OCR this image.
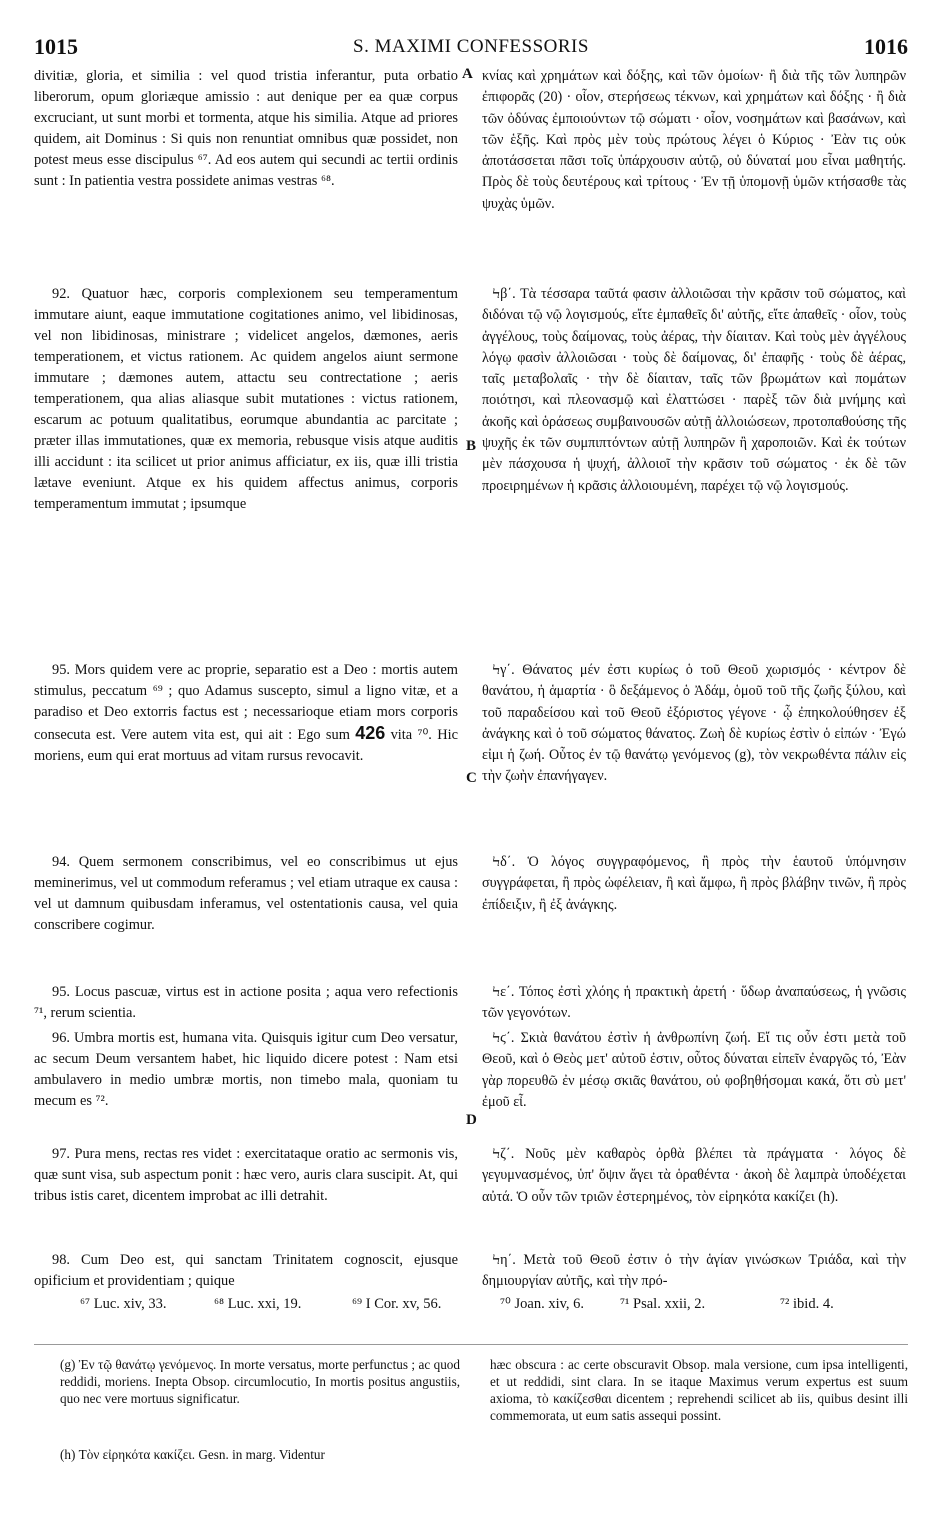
1015	S. MAXIMI CONFESSORIS	1016
A
B
C
D

divitiæ, gloria, et similia : vel quod tristia inferantur, puta orbatio liberorum, opum gloriæque amissio : aut denique per ea quæ corpus excruciant, ut sunt morbi et tormenta, atque his similia. Atque ad priores quidem, ait Dominus : Si quis non renuntiat omnibus quæ possidet, non potest meus esse discipulus ⁶⁷. Ad eos autem qui secundi ac tertii ordinis sunt : In patientia vestra possidete animas vestras ⁶⁸.

92. Quatuor hæc, corporis complexionem seu temperamentum immutare aiunt, eaque immutatione cogitationes animo, vel libidinosas, vel non libidinosas, ministrare ; videlicet angelos, dæmones, aeris temperationem, et victus rationem. Ac quidem angelos aiunt sermone immutare ; dæmones autem, attactu seu contrectatione ; aeris temperationem, qua alias aliasque subit mutationes : victus rationem, escarum ac potuum qualitatibus, eorumque abundantia ac parcitate ; præter illas immutationes, quæ ex memoria, rebusque visis atque auditis illi accidunt : ita scilicet ut prior animus afficiatur, ex iis, quæ illi tristia lætave eveniunt. Atque ex his quidem affectus animus, corporis temperamentum immutat ; ipsumque

95. Mors quidem vere ac proprie, separatio est a Deo : mortis autem stimulus, peccatum ⁶⁹ ; quo Adamus suscepto, simul a ligno vitæ, et a paradiso et Deo extorris factus est ; necessarioque etiam mors corporis consecuta est. Vere autem vita est, qui ait : Ego sum 426 vita ⁷⁰. Hic moriens, eum qui erat mortuus ad vitam rursus revocavit.

94. Quem sermonem conscribimus, vel eo conscribimus ut ejus meminerimus, vel ut commodum referamus ; vel etiam utraque ex causa : vel ut damnum quibusdam inferamus, vel ostentationis causa, vel quia conscribere cogimur.

95. Locus pascuæ, virtus est in actione posita ; aqua vero refectionis ⁷¹, rerum scientia.

96. Umbra mortis est, humana vita. Quisquis igitur cum Deo versatur, ac secum Deum versantem habet, hic liquido dicere potest : Nam etsi ambulavero in medio umbræ mortis, non timebo mala, quoniam tu mecum es ⁷².

97. Pura mens, rectas res videt : exercitataque oratio ac sermonis vis, quæ sunt visa, sub aspectum ponit : hæc vero, auris clara suscipit. At, qui tribus istis caret, dicentem improbat ac illi detrahit.

98. Cum Deo est, qui sanctam Trinitatem cognoscit, ejusque opificium et providentiam ; quique

κνίας καὶ χρημάτων καὶ δόξης, καὶ τῶν ὁμοίων· ἢ διὰ τῆς τῶν λυπηρῶν ἐπιφορᾶς (20) · οἷον, στερήσεως τέκνων, καὶ χρημάτων καὶ δόξης · ἢ διὰ τῶν ὀδύνας ἐμποιούντων τῷ σώματι · οἷον, νοσημάτων καὶ βασάνων, καὶ τῶν ἑξῆς. Καὶ πρὸς μὲν τοὺς πρώτους λέγει ὁ Κύριος · Ἐὰν τις οὐκ ἀποτάσσεται πᾶσι τοῖς ὑπάρχουσιν αὐτῷ, οὐ δύναταί μου εἶναι μαθητής. Πρὸς δὲ τοὺς δευτέρους καὶ τρίτους · Ἐν τῇ ὑπομονῇ ὑμῶν κτήσασθε τὰς ψυχὰς ὑμῶν.

Ϟβ΄. Τὰ τέσσαρα ταῦτά φασιν ἀλλοιῶσαι τὴν κρᾶσιν τοῦ σώματος, καὶ διδόναι τῷ νῷ λογισμούς, εἴτε ἐμπαθεῖς δι' αὐτῆς, εἴτε ἀπαθεῖς · οἷον, τοὺς ἀγγέλους, τοὺς δαίμονας, τοὺς ἀέρας, τὴν δίαιταν. Καὶ τοὺς μὲν ἀγγέλους λόγῳ φασὶν ἀλλοιῶσαι · τοὺς δὲ δαίμονας, δι' ἐπαφῆς · τοὺς δὲ ἀέρας, ταῖς μεταβολαῖς · τὴν δὲ δίαιταν, ταῖς τῶν βρωμάτων καὶ πομάτων ποιότησι, καὶ πλεονασμῷ καὶ ἐλαττώσει · παρὲξ τῶν διὰ μνήμης καὶ ἀκοῆς καὶ ὁράσεως συμβαινουσῶν αὐτῇ ἀλλοιώσεων, προτοπαθούσης τῆς ψυχῆς ἐκ τῶν συμπιπτόντων αὐτῇ λυπηρῶν ἢ χαροποιῶν. Καὶ ἐκ τούτων μὲν πάσχουσα ἡ ψυχή, ἀλλοιοῖ τὴν κρᾶσιν τοῦ σώματος · ἐκ δὲ τῶν προειρημένων ἡ κρᾶσις ἀλλοιουμένη, παρέχει τῷ νῷ λογισμούς.

Ϟγ΄. Θάνατος μέν ἐστι κυρίως ὁ τοῦ Θεοῦ χωρισμός · κέντρον δὲ θανάτου, ἡ ἁμαρτία · ὃ δεξάμενος ὁ Ἀδάμ, ὁμοῦ τοῦ τῆς ζωῆς ξύλου, καὶ τοῦ παραδείσου καὶ τοῦ Θεοῦ ἐξόριστος γέγονε · ᾧ ἐπηκολούθησεν ἐξ ἀνάγκης καὶ ὁ τοῦ σώματος θάνατος. Ζωὴ δὲ κυρίως ἐστὶν ὁ εἰπών · Ἐγώ εἰμι ἡ ζωή. Οὗτος ἐν τῷ θανάτῳ γενόμενος (g), τὸν νεκρωθέντα πάλιν εἰς τὴν ζωὴν ἐπανήγαγεν.

Ϟδ΄. Ὁ λόγος συγγραφόμενος, ἢ πρὸς τὴν ἑαυτοῦ ὑπόμνησιν συγγράφεται, ἢ πρὸς ὠφέλειαν, ἢ καὶ ἄμφω, ἢ πρὸς βλάβην τινῶν, ἢ πρὸς ἐπίδειξιν, ἢ ἐξ ἀνάγκης.

Ϟε΄. Τόπος ἐστὶ χλόης ἡ πρακτικὴ ἀρετή · ὕδωρ ἀναπαύσεως, ἡ γνῶσις τῶν γεγονότων.

Ϟϛ΄. Σκιὰ θανάτου ἐστὶν ἡ ἀνθρωπίνη ζωή. Εἴ τις οὖν ἐστι μετὰ τοῦ Θεοῦ, καὶ ὁ Θεὸς μετ' αὐτοῦ ἐστιν, οὗτος δύναται εἰπεῖν ἐναργῶς τό, Ἐὰν γὰρ πορευθῶ ἐν μέσῳ σκιᾶς θανάτου, οὐ φοβηθήσομαι κακά, ὅτι σὺ μετ' ἐμοῦ εἶ.

Ϟζ΄. Νοῦς μὲν καθαρὸς ὀρθὰ βλέπει τὰ πράγματα · λόγος δὲ γεγυμνασμένος, ὑπ' ὄψιν ἄγει τὰ ὁραθέντα · ἀκοὴ δὲ λαμπρὰ ὑποδέχεται αὐτά. Ὁ οὖν τῶν τριῶν ἐστερημένος, τὸν εἰρηκότα κακίζει (h).

Ϟη΄. Μετὰ τοῦ Θεοῦ ἐστιν ὁ τὴν ἁγίαν γινώσκων Τριάδα, καὶ τὴν δημιουργίαν αὐτῆς, καὶ τὴν πρό-

⁶⁷ Luc. xiv, 33.	⁶⁸ Luc. xxi, 19.	⁶⁹ I Cor. xv, 56.	⁷⁰ Joan. xiv, 6. ⁷¹ Psal. xxii, 2.	⁷² ibid. 4.
(g) Ἐν τῷ θανάτῳ γενόμενος. In morte versatus, morte perfunctus ; ac quod reddidi, moriens. Inepta Obsop. circumlocutio, In mortis positus angustiis, quo nec vere mortuus significatur.
(h) Τὸν εἰρηκότα κακίζει. Gesn. in marg. Videntur
hæc obscura : ac certe obscuravit Obsop. mala versione, cum ipsa intelligenti, et ut reddidi, sint clara. In se itaque Maximus verum expertus est suum axioma, τὸ κακίζεσθαι dicentem ; reprehendi scilicet ab iis, quibus desint illi commemorata, ut eum satis assequi possint.
